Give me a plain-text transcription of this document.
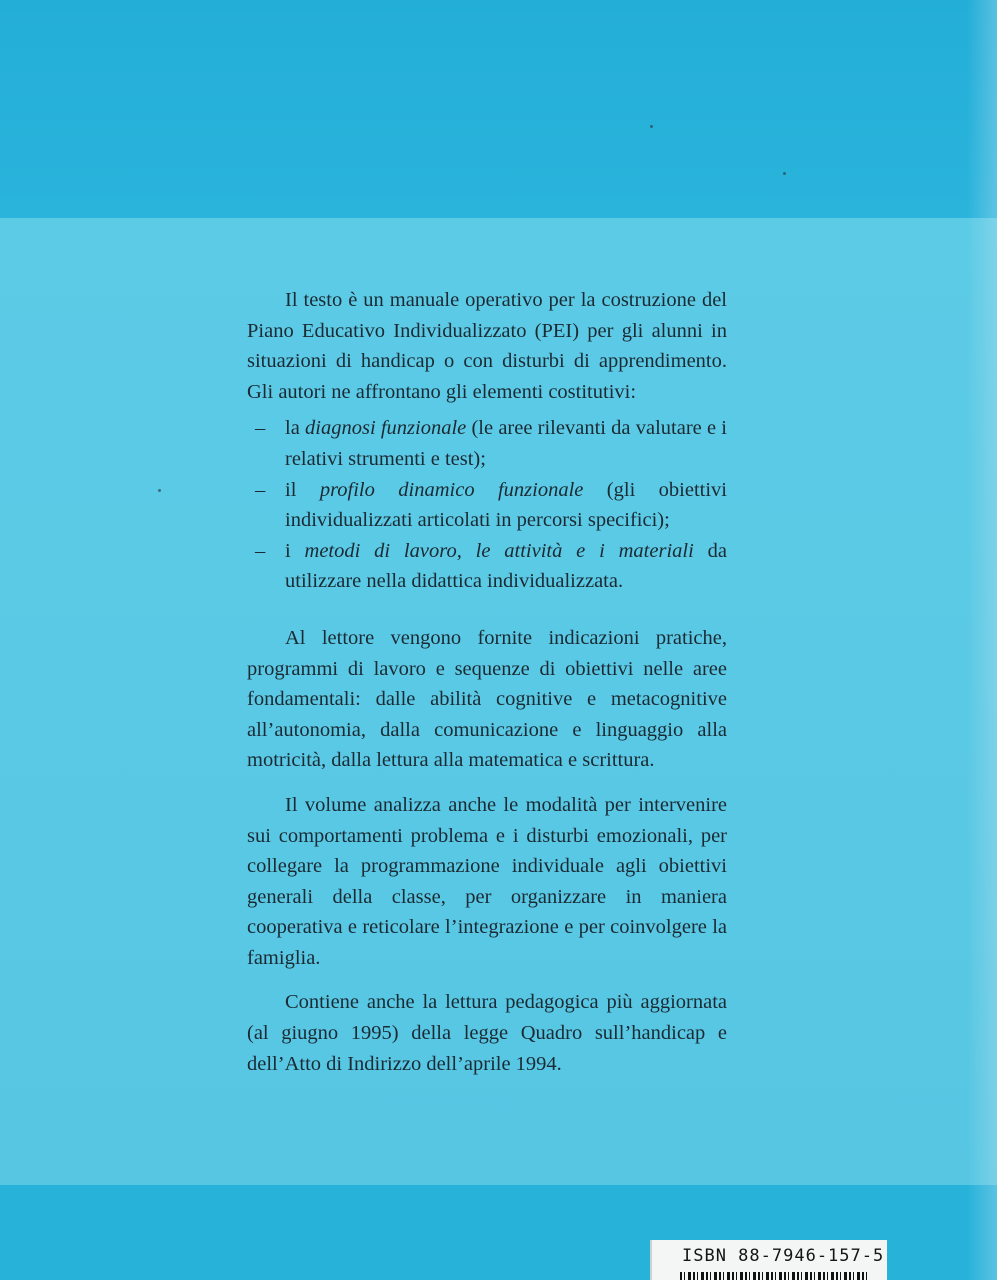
Il testo è un manuale operativo per la costruzione del Piano Educativo Individualizzato (PEI) per gli alunni in situazioni di handicap o con disturbi di apprendimento. Gli autori ne affrontano gli elementi costitutivi:

– la diagnosi funzionale (le aree rilevanti da valutare e i relativi strumenti e test);
– il profilo dinamico funzionale (gli obiettivi individualizzati articolati in percorsi specifici);
– i metodi di lavoro, le attività e i materiali da utilizzare nella didattica individualizzata.

Al lettore vengono fornite indicazioni pratiche, programmi di lavoro e sequenze di obiettivi nelle aree fondamentali: dalle abilità cognitive e metacognitive all’autonomia, dalla comunicazione e linguaggio alla motricità, dalla lettura alla matematica e scrittura.

Il volume analizza anche le modalità per intervenire sui comportamenti problema e i disturbi emozionali, per collegare la programmazione individuale agli obiettivi generali della classe, per organizzare in maniera cooperativa e reticolare l’integrazione e per coinvolgere la famiglia.

Contiene anche la lettura pedagogica più aggiornata (al giugno 1995) della legge Quadro sull’handicap e dell’Atto di Indirizzo dell’aprile 1994.

ISBN 88-7946-157-5
